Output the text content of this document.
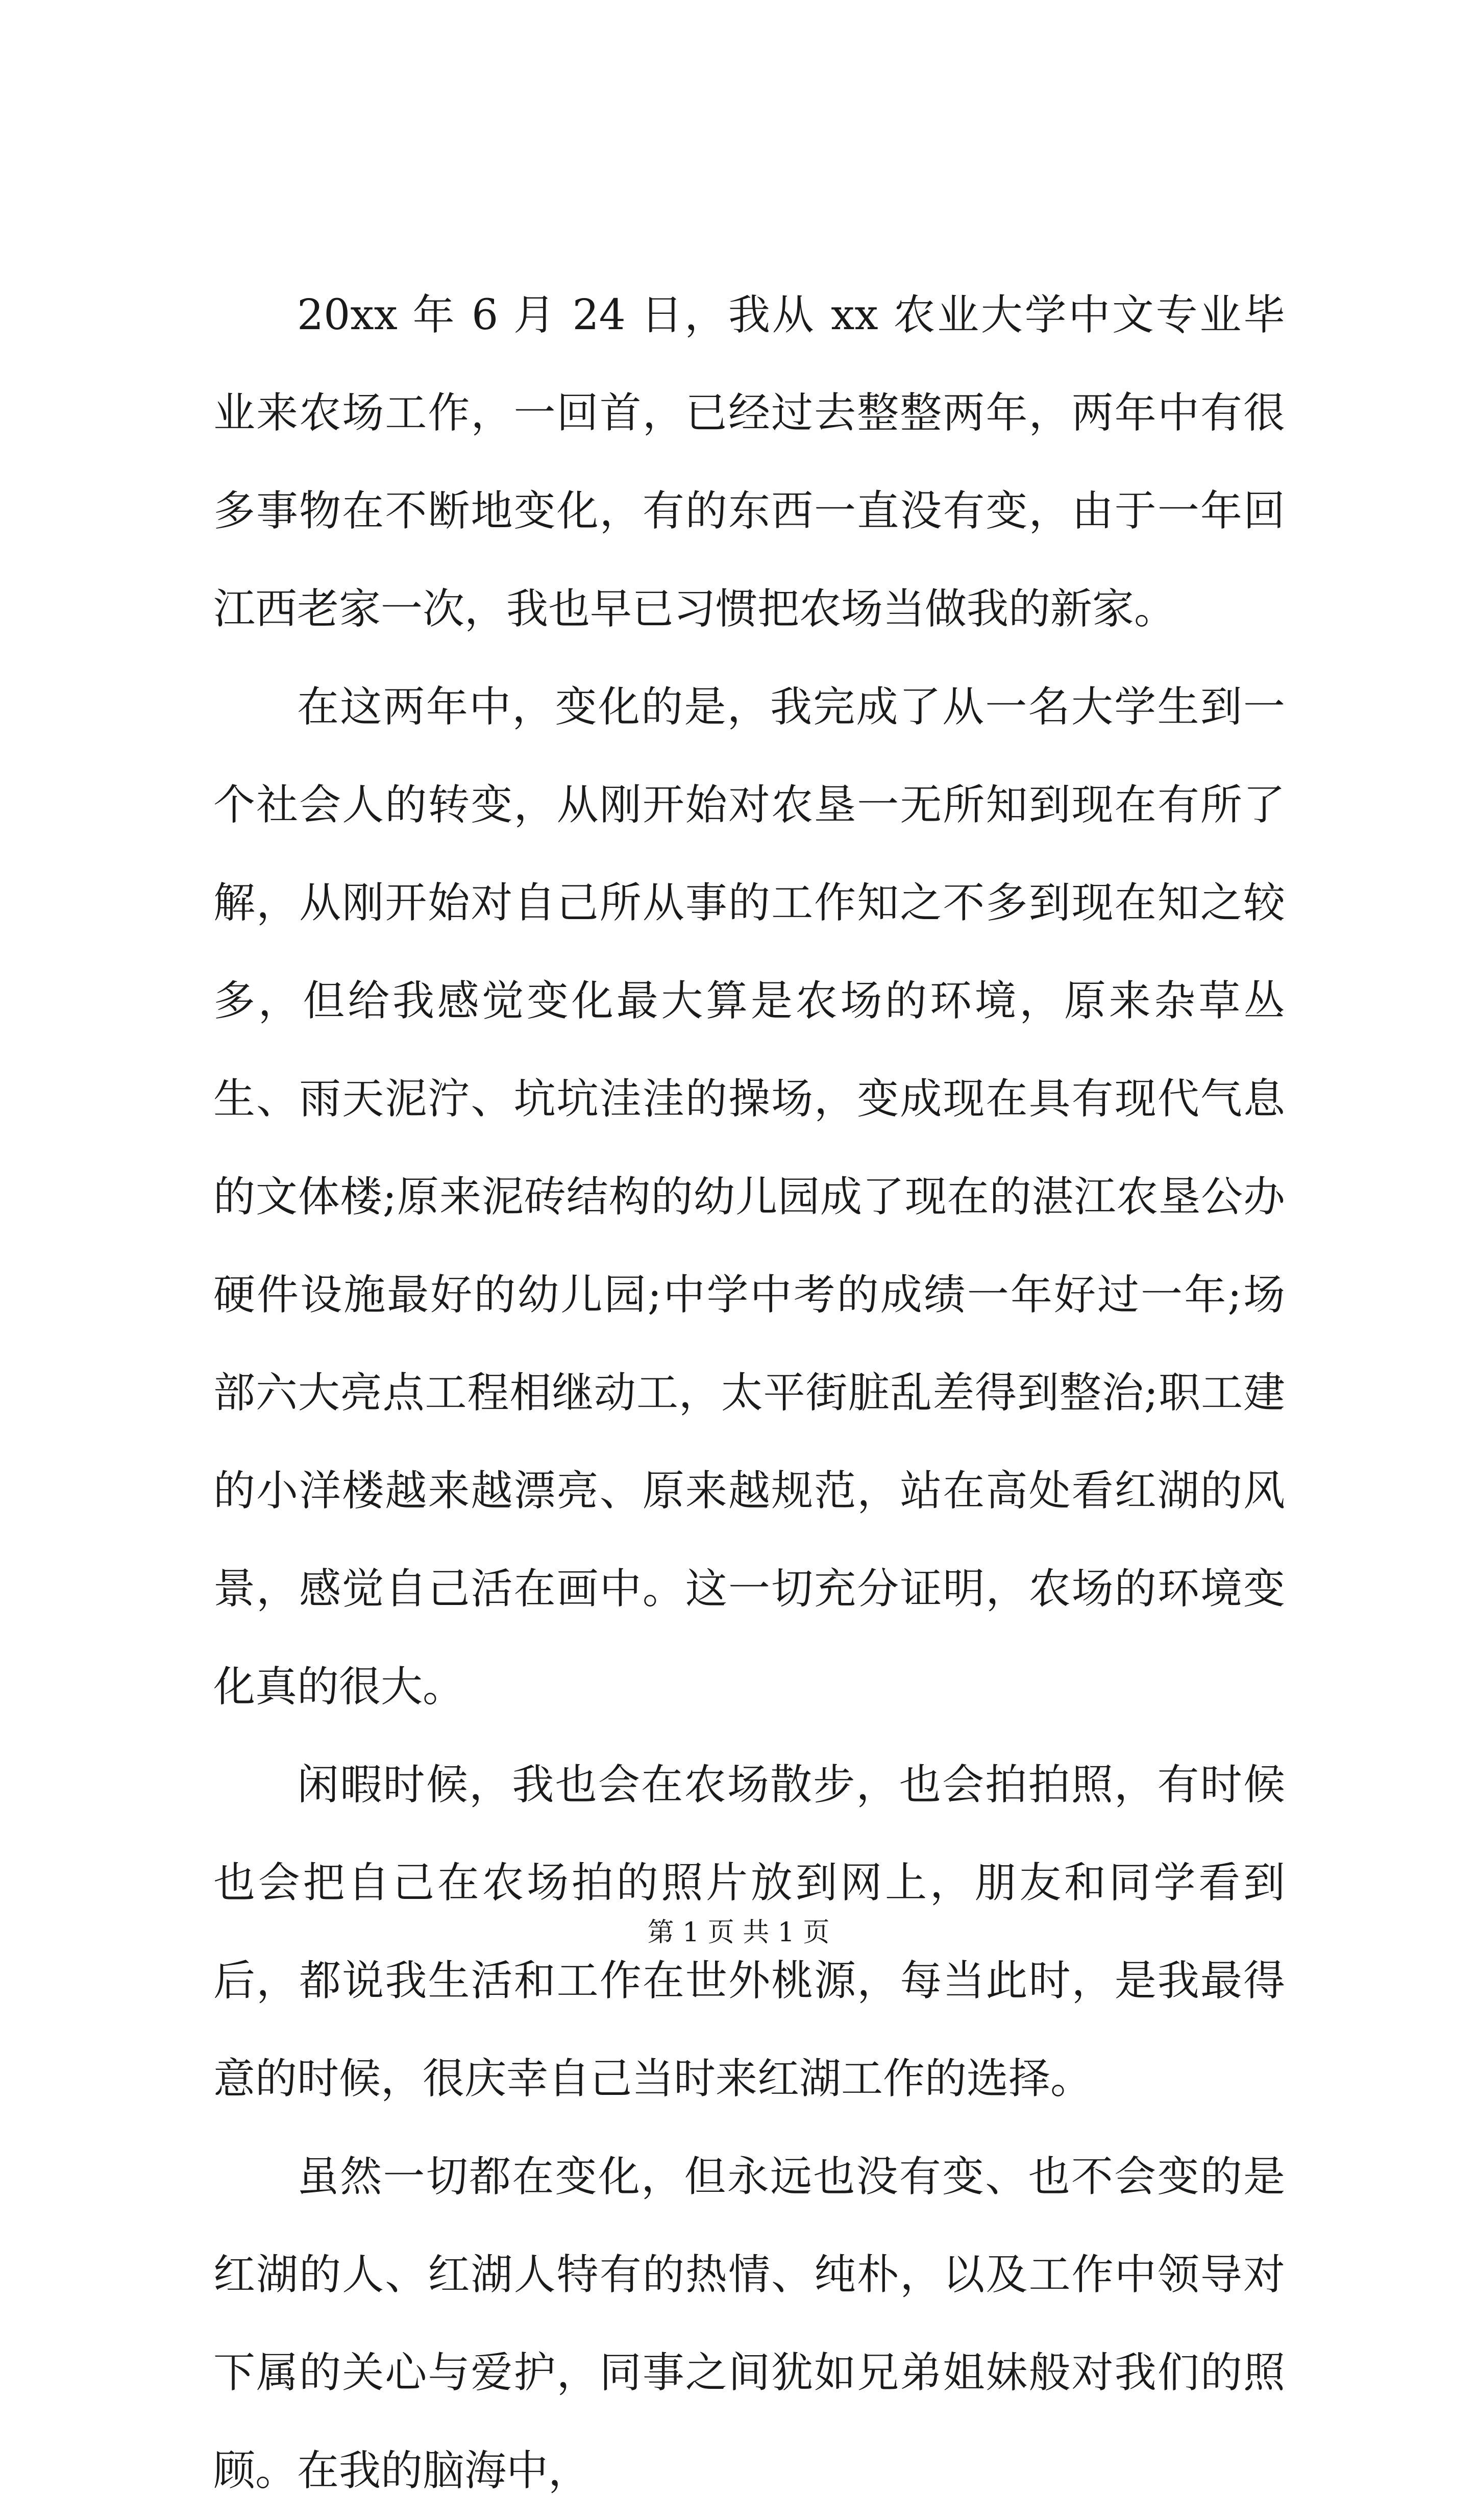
20xx 年 6 月 24 日，我从 xx 农业大学中文专业毕业来农场工作，一回首，已经过去整整两年，两年中有很多事物在不断地变化，有的东西一直没有变，由于一年回江西老家一次，我也早已习惯把农场当做我的新家。

在这两年中，变化的是，我完成了从一名大学生到一个社会人的转变，从刚开始对农垦一无所知到现在有所了解，从刚开始对自己所从事的工作知之不多到现在知之较多，但给我感觉变化最大算是农场的环境，原来杂草丛生、雨天泥泞、坑坑洼洼的操场，变成现在具有现代气息的文体楼;原来泥砖结构的幼儿园成了现在的湛江农垦公办硬件设施最好的幼儿园;中学中考的成绩一年好过一年;场部六大亮点工程相继动工，太平街脏乱差得到整治;职工建的小洋楼越来越漂亮、原来越规范，站在高处看红湖的风景，感觉自己活在画中。这一切充分证明，农场的环境变化真的很大。

闲暇时候，我也会在农场散步，也会拍拍照，有时候也会把自己在农场拍的照片放到网上，朋友和同学看到后，都说我生活和工作在世外桃源，每当此时，是我最得意的时候，很庆幸自己当时来红湖工作的选择。

虽然一切都在变化，但永远也没有变、也不会变的是红湖的人、红湖人特有的热情、纯朴，以及工作中领导对下属的关心与爱护，同事之间犹如兄弟姐妹般对我们的照顾。在我的脑海中，

第 1 页 共 1 页
